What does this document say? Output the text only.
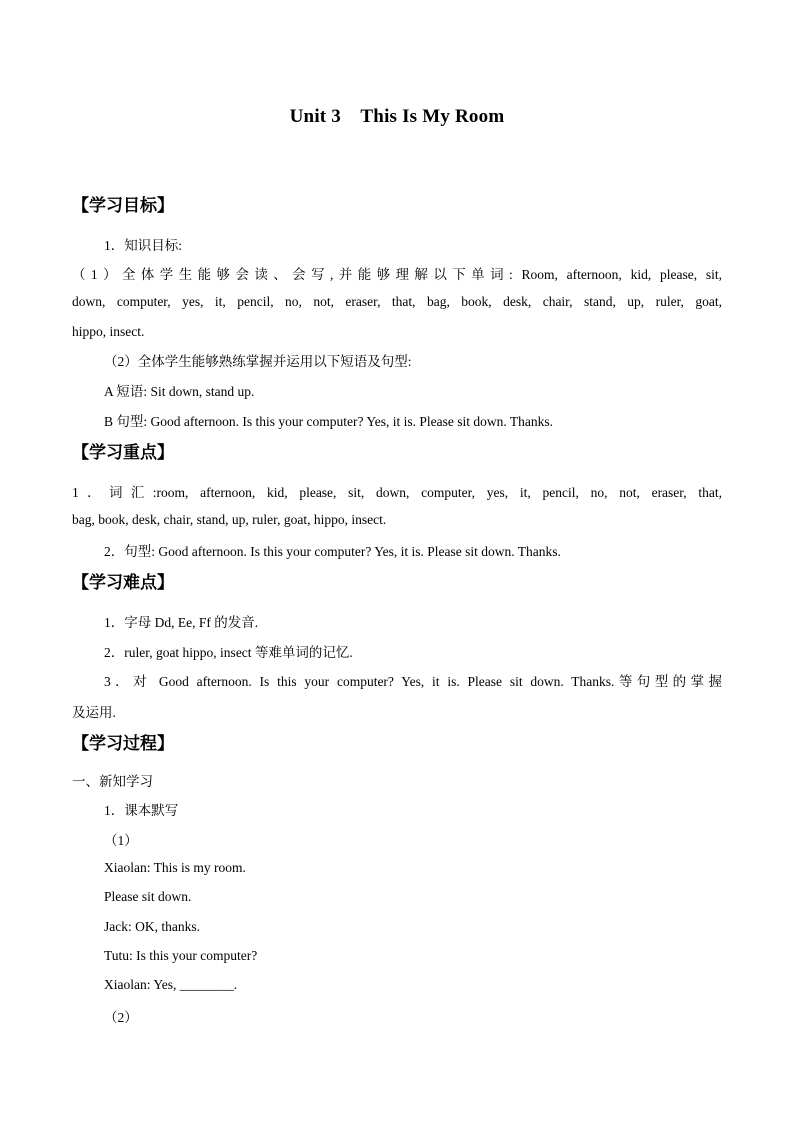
Unit 3    This Is My Room
【学习目标】
1．知识目标:
（1）全体学生能够会读、会写,并能够理解以下单词: Room, afternoon, kid, please, sit,
down, computer, yes, it, pencil, no, not, eraser, that, bag, book, desk, chair, stand, up, ruler, goat,
hippo, insect.
（2）全体学生能够熟练掌握并运用以下短语及句型:
A 短语: Sit down, stand up.
B 句型: Good afternoon. Is this your computer? Yes, it is. Please sit down. Thanks.
【学习重点】
1．词汇:room, afternoon, kid, please, sit, down, computer, yes, it, pencil, no, not, eraser, that,
bag, book, desk, chair, stand, up, ruler, goat, hippo, insect.
2．句型: Good afternoon. Is this your computer? Yes, it is. Please sit down. Thanks.
【学习难点】
1．字母 Dd, Ee, Ff 的发音.
2．ruler, goat hippo, insect 等难单词的记忆.
3．对 Good afternoon. Is this your computer? Yes, it is. Please sit down. Thanks.等句型的掌握
及运用.
【学习过程】
一、新知学习
1．课本默写
（1）
Xiaolan: This is my room.
Please sit down.
Jack: OK, thanks.
Tutu: Is this your computer?
Xiaolan: Yes, ________.
（2）
